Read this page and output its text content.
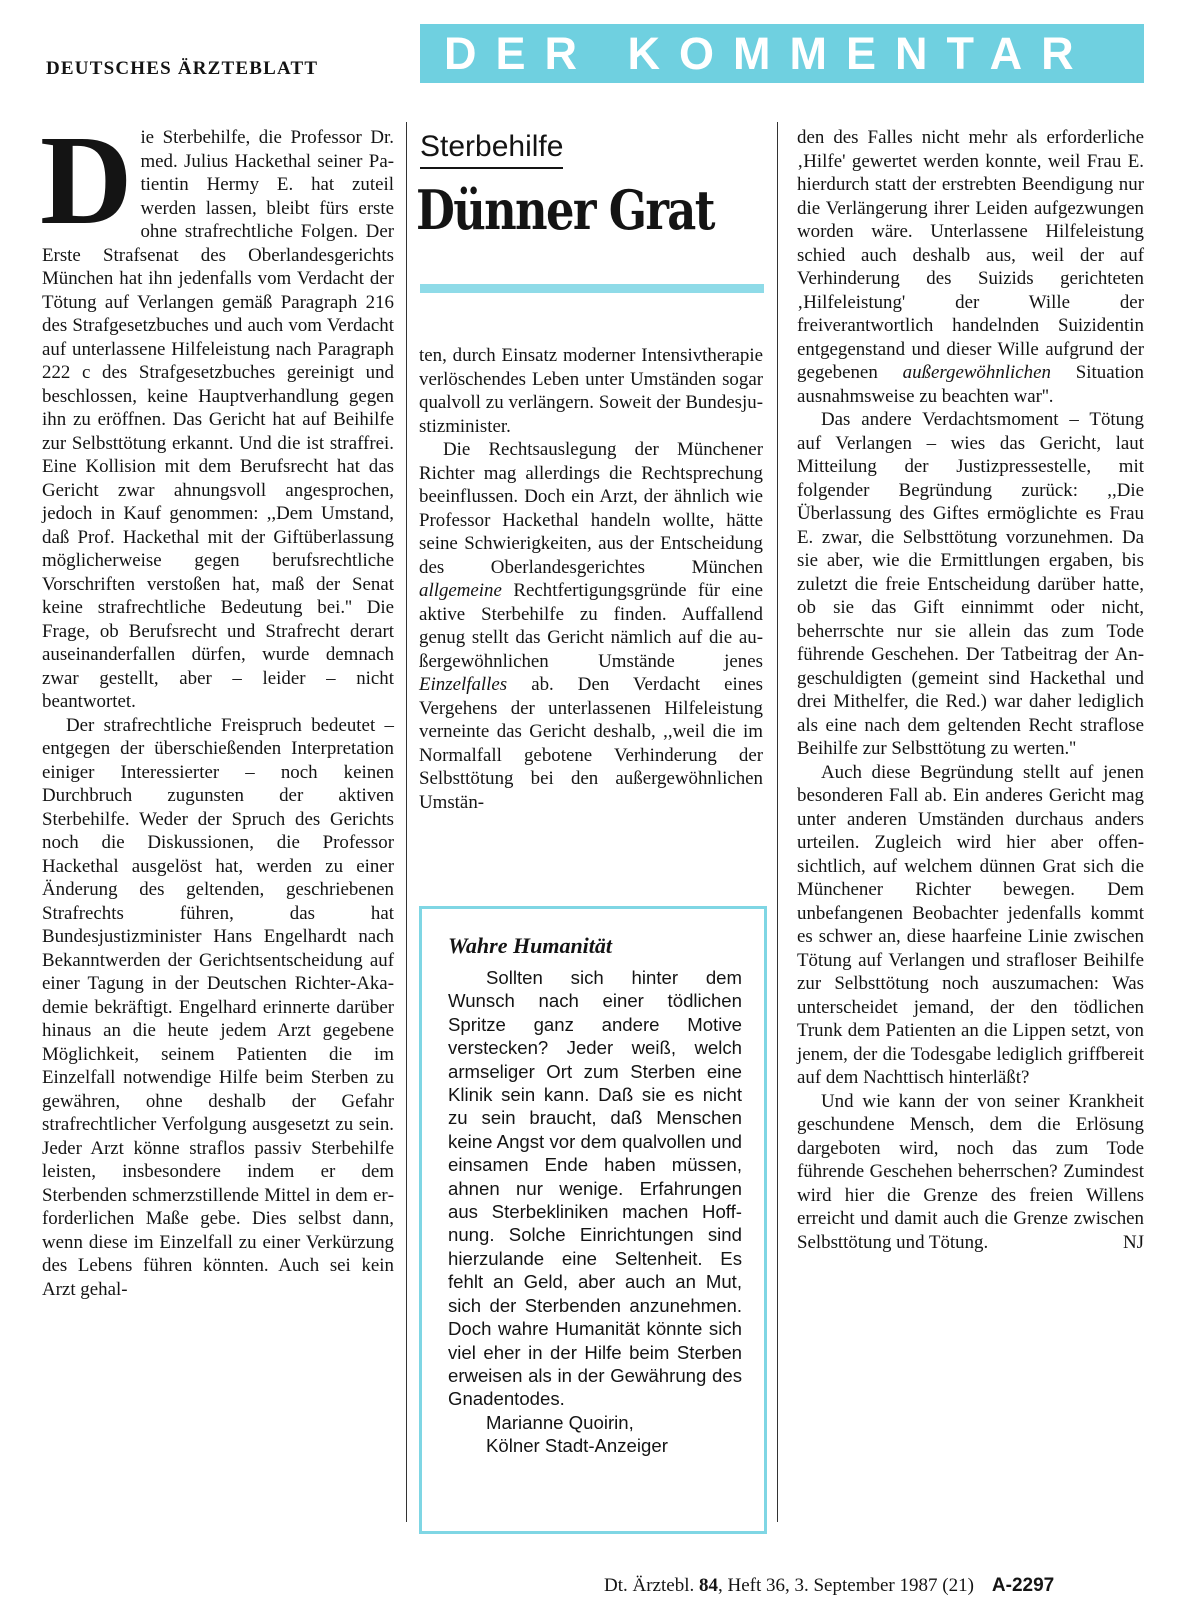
DEUTSCHES ÄRZTEBLATT	DER KOMMENTAR
Sterbehilfe
Dünner Grat
D ie Sterbehilfe, die Professor Dr. med. Julius Hackethal seiner Patientin Hermy E. hat zuteil werden lassen, bleibt fürs erste ohne strafrechtliche Folgen. Der Erste Strafsenat des Oberlandesgerichts München hat ihn jedenfalls vom Verdacht der Tötung auf Verlangen gemäß Paragraph 216 des Strafgesetzbuches und auch vom Verdacht auf unterlassene Hilfeleistung nach Paragraph 222 c des Strafgesetzbuches gereinigt und beschlossen, keine Hauptverhandlung gegen ihn zu eröffnen. Das Gericht hat auf Beihilfe zur Selbsttötung erkannt. Und die ist straffrei. Eine Kollision mit dem Berufsrecht hat das Gericht zwar ahnungsvoll angesprochen, jedoch in Kauf genommen: ,,Dem Umstand, daß Prof. Hackethal mit der Giftüberlassung möglicherweise gegen berufsrechtliche Vorschriften verstoßen hat, maß der Senat keine strafrechtliche Bedeutung bei.'' Die Frage, ob Berufsrecht und Strafrecht derart auseinanderfallen dürfen, wurde demnach zwar gestellt, aber – leider – nicht beantwortet.

Der strafrechtliche Freispruch bedeutet – entgegen der überschießenden Interpretation einiger Interessierter – noch keinen Durchbruch zugunsten der aktiven Sterbehilfe. Weder der Spruch des Gerichts noch die Diskussionen, die Professor Hackethal ausgelöst hat, werden zu einer Änderung des geltenden, geschriebenen Strafrechts führen, das hat Bundesjustizminister Hans Engelhardt nach Bekanntwerden der Gerichtsentscheidung auf einer Tagung in der Deutschen Richter-Akademie bekräftigt. Engelhard erinnerte darüber hinaus an die heute jedem Arzt gegebene Möglichkeit, seinem Patienten die im Einzelfall notwendige Hilfe beim Sterben zu gewähren, ohne deshalb der Gefahr strafrechtlicher Verfolgung ausgesetzt zu sein. Jeder Arzt könne straflos passiv Sterbehilfe leisten, insbesondere indem er dem Sterbenden schmerzstillende Mittel in dem erforderlichen Maße gebe. Dies selbst dann, wenn diese im Einzelfall zu einer Verkürzung des Lebens führen könnten. Auch sei kein Arzt gehal-

ten, durch Einsatz moderner Intensivtherapie verlöschendes Leben unter Umständen sogar qualvoll zu verlängern. Soweit der Bundesjustizminister.

Die Rechtsauslegung der Münchener Richter mag allerdings die Rechtsprechung beeinflussen. Doch ein Arzt, der ähnlich wie Professor Hackethal handeln wollte, hätte seine Schwierigkeiten, aus der Entscheidung des Oberlandesgerichtes München allgemeine Rechtfertigungsgründe für eine aktive Sterbehilfe zu finden. Auffallend genug stellt das Gericht nämlich auf die außergewöhnlichen Umstände jenes Einzelfalles ab. Den Verdacht eines Vergehens der unterlassenen Hilfeleistung verneinte das Gericht deshalb, ,,weil die im Normalfall gebotene Verhinderung der Selbsttötung bei den außergewöhnlichen Umstän-

Wahre Humanität

Sollten sich hinter dem Wunsch nach einer tödlichen Spritze ganz andere Motive verstecken? Jeder weiß, welch armseliger Ort zum Sterben eine Klinik sein kann. Daß sie es nicht zu sein braucht, daß Menschen keine Angst vor dem qualvollen und einsamen Ende haben müssen, ahnen nur wenige. Erfahrungen aus Sterbekliniken machen Hoffnung. Solche Einrichtungen sind hierzulande eine Seltenheit. Es fehlt an Geld, aber auch an Mut, sich der Sterbenden anzunehmen. Doch wahre Humanität könnte sich viel eher in der Hilfe beim Sterben erweisen als in der Gewährung des Gnadentodes.

Marianne Quoirin,
Kölner Stadt-Anzeiger

den des Falles nicht mehr als erforderliche ‚Hilfe' gewertet werden konnte, weil Frau E. hierdurch statt der erstrebten Beendigung nur die Verlängerung ihrer Leiden aufgezwungen worden wäre. Unterlassene Hilfeleistung schied auch deshalb aus, weil der auf Verhinderung des Suizids gerichteten ‚Hilfeleistung' der Wille der freiverantwortlich handelnden Suizidentin entgegenstand und dieser Wille aufgrund der gegebenen außergewöhnlichen Situation ausnahmsweise zu beachten war''.

Das andere Verdachtsmoment – Tötung auf Verlangen – wies das Gericht, laut Mitteilung der Justizpressestelle, mit folgender Begründung zurück: ,,Die Überlassung des Giftes ermöglichte es Frau E. zwar, die Selbsttötung vorzunehmen. Da sie aber, wie die Ermittlungen ergaben, bis zuletzt die freie Entscheidung darüber hatte, ob sie das Gift einnimmt oder nicht, beherrschte nur sie allein das zum Tode führende Geschehen. Der Tatbeitrag der Angeschuldigten (gemeint sind Hackethal und drei Mithelfer, die Red.) war daher lediglich als eine nach dem geltenden Recht straflose Beihilfe zur Selbsttötung zu werten.''

Auch diese Begründung stellt auf jenen besonderen Fall ab. Ein anderes Gericht mag unter anderen Umständen durchaus anders urteilen. Zugleich wird hier aber offensichtlich, auf welchem dünnen Grat sich die Münchener Richter bewegen. Dem unbefangenen Beobachter jedenfalls kommt es schwer an, diese haarfeine Linie zwischen Tötung auf Verlangen und strafloser Beihilfe zur Selbsttötung noch auszumachen: Was unterscheidet jemand, der den tödlichen Trunk dem Patienten an die Lippen setzt, von jenem, der die Todesgabe lediglich griffbereit auf dem Nachttisch hinterläßt?

Und wie kann der von seiner Krankheit geschundene Mensch, dem die Erlösung dargeboten wird, noch das zum Tode führende Geschehen beherrschen? Zumindest wird hier die Grenze des freien Willens erreicht und damit auch die Grenze zwischen Selbsttötung und Tötung.	NJ

Dt. Ärztebl. 84, Heft 36, 3. September 1987 (21) A-2297
